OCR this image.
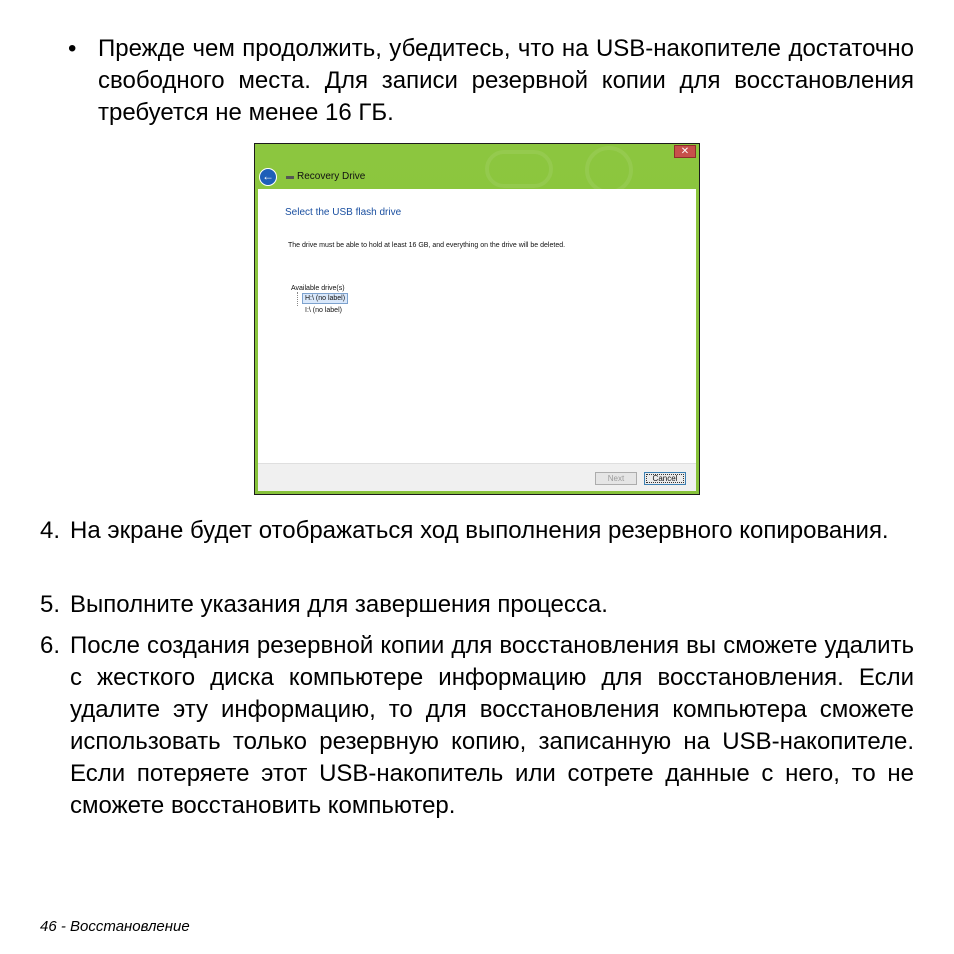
• Прежде чем продолжить, убедитесь, что на USB-накопителе достаточно свободного места. Для записи резервной копии для восстановления требуется не менее 16 ГБ.

✕
←	Recovery Drive
Select the USB flash drive
The drive must be able to hold at least 16 GB, and everything on the drive will be deleted.
Available drive(s)
H:\ (no label)
I:\ (no label)
Next	Cancel
4. На экране будет отображаться ход выполнения резервного копирования.

5. Выполните указания для завершения процесса.

6. После создания резервной копии для восстановления вы сможете удалить с жесткого диска компьютере информацию для восстановления. Если удалите эту информацию, то для восстановления компьютера сможете использовать только резервную копию, записанную на USB-накопителе. Если потеряете этот USB-накопитель или сотрете данные с него, то не сможете восстановить компьютер.

46 - Восстановление
